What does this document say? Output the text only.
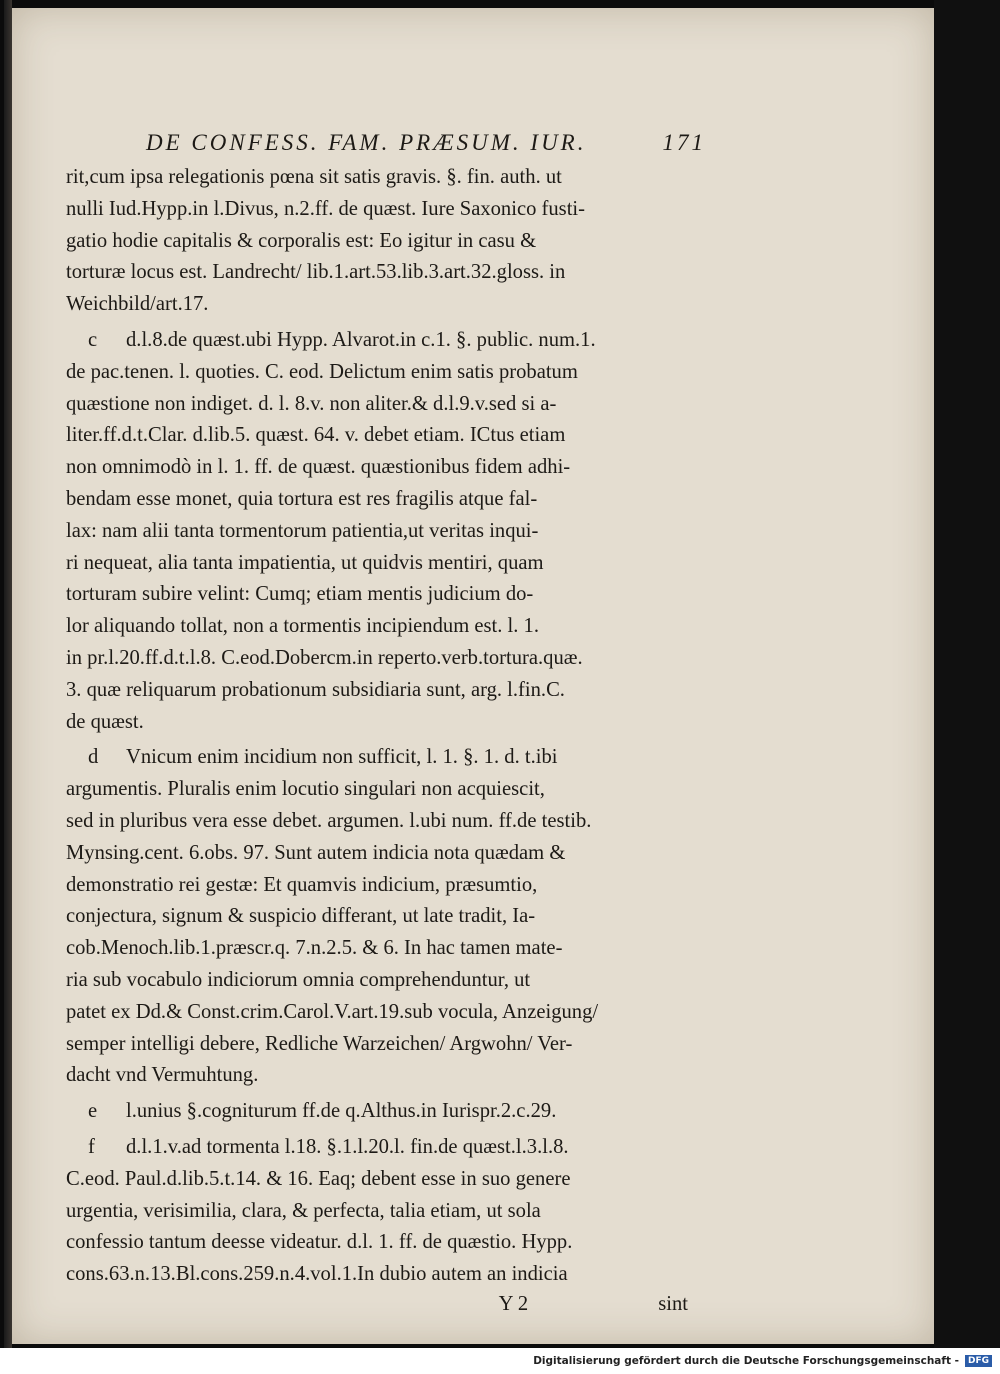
DE CONFESS. FAM. PRÆSUM. IUR.	171

rit,cum ipsa relegationis pœna sit satis gravis. §. fin. auth. ut
nulli Iud.Hypp.in l.Divus, n.2.ff. de quæst. Iure Saxonico fusti-
gatio hodie capitalis & corporalis est: Eo igitur in casu &
torturæ locus est. Landrecht/ lib.1.art.53.lib.3.art.32.gloss. in
Weichbild/art.17.

c d.l.8.de quæst.ubi Hypp. Alvarot.in c.1. §. public. num.1.
de pac.tenen. l. quoties. C. eod. Delictum enim satis probatum
quæstione non indiget. d. l. 8.v. non aliter.& d.l.9.v.sed si a-
liter.ff.d.t.Clar. d.lib.5. quæst. 64. v. debet etiam. ICtus etiam
non omnimodò in l. 1. ff. de quæst. quæstionibus fidem adhi-
bendam esse monet, quia tortura est res fragilis atque fal-
lax: nam alii tanta tormentorum patientia,ut veritas inqui-
ri nequeat, alia tanta impatientia, ut quidvis mentiri, quam
torturam subire velint: Cumq; etiam mentis judicium do-
lor aliquando tollat, non a tormentis incipiendum est. l. 1.
in pr.l.20.ff.d.t.l.8. C.eod.Dobercm.in reperto.verb.tortura.quæ.
3. quæ reliquarum probationum subsidiaria sunt, arg. l.fin.C.
de quæst.

d Vnicum enim incidium non sufficit, l. 1. §. 1. d. t.ibi
argumentis. Pluralis enim locutio singulari non acquiescit,
sed in pluribus vera esse debet. argumen. l.ubi num. ff.de testib.
Mynsing.cent. 6.obs. 97. Sunt autem indicia nota quædam &
demonstratio rei gestæ: Et quamvis indicium, præsumtio,
conjectura, signum & suspicio differant, ut late tradit, Ia-
cob.Menoch.lib.1.præscr.q. 7.n.2.5. & 6. In hac tamen mate-
ria sub vocabulo indiciorum omnia comprehenduntur, ut
patet ex Dd.& Const.crim.Carol.V.art.19.sub vocula, Anzeigung/
semper intelligi debere, Redliche Warzeichen/ Argwohn/ Ver-
dacht vnd Vermuhtung.

e l.unius §.cogniturum ff.de q.Althus.in Iurispr.2.c.29.

f d.l.1.v.ad tormenta l.18. §.1.l.20.l. fin.de quæst.l.3.l.8.
C.eod. Paul.d.lib.5.t.14. & 16. Eaq; debent esse in suo genere
urgentia, verisimilia, clara, & perfecta, talia etiam, ut sola
confessio tantum deesse videatur. d.l. 1. ff. de quæstio. Hypp.
cons.63.n.13.Bl.cons.259.n.4.vol.1.In dubio autem an indicia

Y 2	sint
Digitalisierung gefördert durch die Deutsche Forschungsgemeinschaft -	DFG
